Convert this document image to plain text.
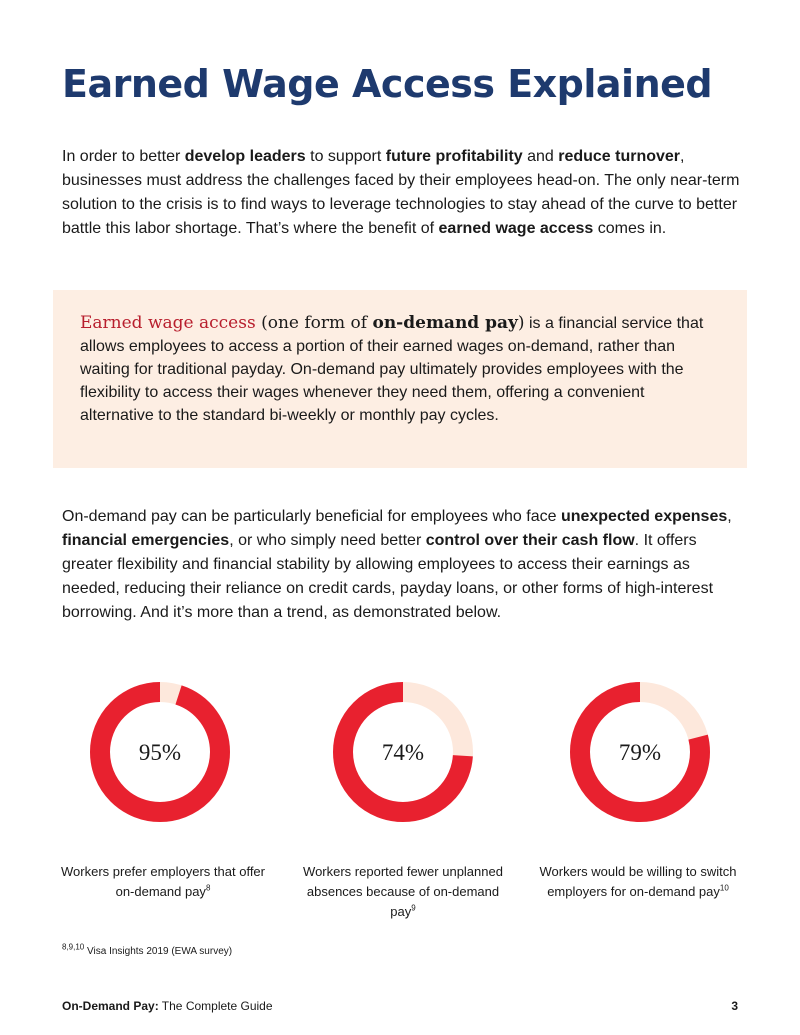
Earned Wage Access Explained

In order to better develop leaders to support future profitability and reduce turnover, businesses must address the challenges faced by their employees head-on. The only near-term solution to the crisis is to find ways to leverage technologies to stay ahead of the curve to better battle this labor shortage. That’s where the benefit of earned wage access comes in.

Earned wage access (one form of on-demand pay) is a financial service that allows employees to access a portion of their earned wages on-demand, rather than waiting for traditional payday. On-demand pay ultimately provides employees with the flexibility to access their wages whenever they need them, offering a convenient alternative to the standard bi-weekly or monthly pay cycles.

On-demand pay can be particularly beneficial for employees who face unexpected expenses, financial emergencies, or who simply need better control over their cash flow. It offers greater flexibility and financial stability by allowing employees to access their earnings as needed, reducing their reliance on credit cards, payday loans, or other forms of high-interest borrowing. And it’s more than a trend, as demonstrated below.

95%	74%	79%
Workers prefer employers that offer on-demand pay$^8$
Workers reported fewer unplanned absences because of on-demand pay$^9$
Workers would be willing to switch employers for on-demand pay$^{10}$
$^{8,9,10}$ Visa Insights 2019 (EWA survey)
On-Demand Pay: The Complete Guide	3
